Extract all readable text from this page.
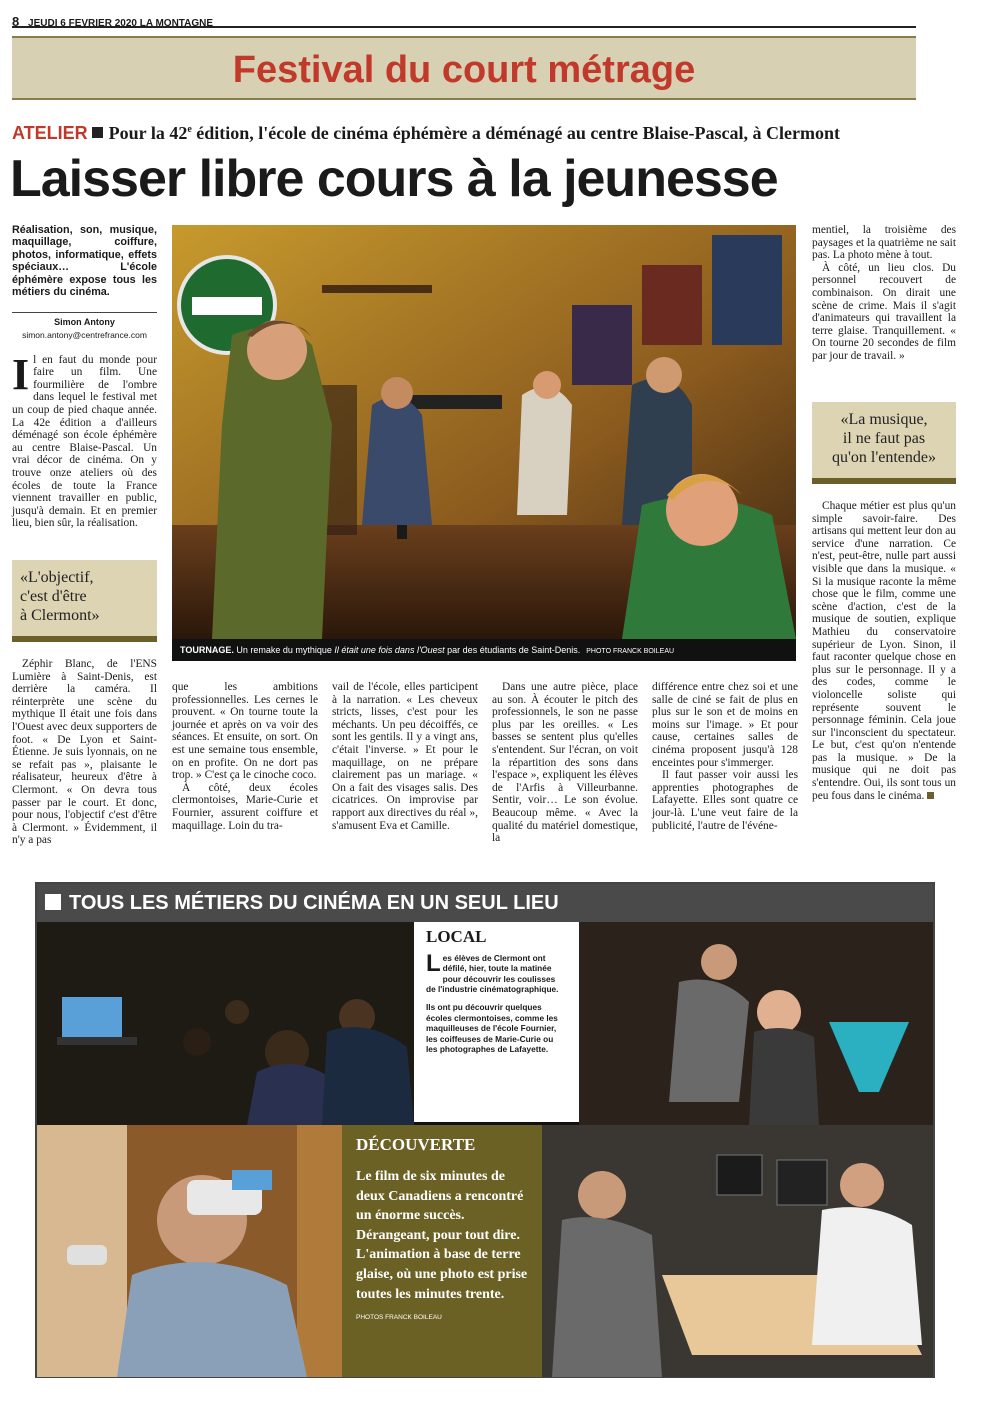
8 JEUDI 6 FEVRIER 2020 LA MONTAGNE
Festival du court métrage
ATELIER Pour la 42e édition, l'école de cinéma éphémère a déménagé au centre Blaise-Pascal, à Clermont
Laisser libre cours à la jeunesse
Réalisation, son, musique, maquillage, coiffure, photos, informatique, effets spéciaux… L'école éphémère expose tous les métiers du cinéma.
Simon Antony
simon.antony@centrefrance.com
Il en faut du monde pour faire un film. Une fourmilière de l'ombre dans lequel le festival met un coup de pied chaque année. La 42e édition a d'ailleurs déménagé son école éphémère au centre Blaise-Pascal. Un vrai décor de cinéma. On y trouve onze ateliers où des écoles de toute la France viennent travailler en public, jusqu'à demain. Et en premier lieu, bien sûr, la réalisation.
«L'objectif,
c'est d'être
à Clermont»
Zéphir Blanc, de l'ENS Lumière à Saint-Denis, est derrière la caméra. Il réinterprète une scène du mythique Il était une fois dans l'Ouest avec deux supporters de foot. « De Lyon et Saint-Étienne. Je suis lyonnais, on ne se refait pas », plaisante le réalisateur, heureux d'être à Clermont. « On devra tous passer par le court. Et donc, pour nous, l'objectif c'est d'être à Clermont. » Évidemment, il n'y a pas
TOURNAGE. Un remake du mythique Il était une fois dans l'Ouest par des étudiants de Saint-Denis. PHOTO FRANCK BOILEAU
que les ambitions professionnelles. Les cernes le prouvent. « On tourne toute la journée et après on va voir des séances. Et ensuite, on sort. On est une semaine tous ensemble, on en profite. On ne dort pas trop. » C'est ça le cinoche coco.
À côté, deux écoles clermontoises, Marie-Curie et Fournier, assurent coiffure et maquillage. Loin du tra-
vail de l'école, elles participent à la narration. « Les cheveux stricts, lisses, c'est pour les méchants. Un peu décoiffés, ce sont les gentils. Il y a vingt ans, c'était l'inverse. » Et pour le maquillage, on ne prépare clairement pas un mariage. « On a fait des visages salis. Des cicatrices. On improvise par rapport aux directives du réal », s'amusent Eva et Camille.
Dans une autre pièce, place au son. À écouter le pitch des professionnels, le son ne passe plus par les oreilles. « Les basses se sentent plus qu'elles s'entendent. Sur l'écran, on voit la répartition des sons dans l'espace », expliquent les élèves de l'Arfis à Villeurbanne. Sentir, voir… Le son évolue. Beaucoup même. « Avec la qualité du matériel domestique, la
différence entre chez soi et une salle de ciné se fait de plus en plus sur le son et de moins en moins sur l'image. » Et pour cause, certaines salles de cinéma proposent jusqu'à 128 enceintes pour s'immerger.
Il faut passer voir aussi les apprenties photographes de Lafayette. Elles sont quatre ce jour-là. L'une veut faire de la publicité, l'autre de l'événe-
mentiel, la troisième des paysages et la quatrième ne sait pas. La photo mène à tout.
À côté, un lieu clos. Du personnel recouvert de combinaison. On dirait une scène de crime. Mais il s'agit d'animateurs qui travaillent la terre glaise. Tranquillement. « On tourne 20 secondes de film par jour de travail. »
«La musique,
il ne faut pas
qu'on l'entende»
Chaque métier est plus qu'un simple savoir-faire. Des artisans qui mettent leur don au service d'une narration. Ce n'est, peut-être, nulle part aussi visible que dans la musique. « Si la musique raconte la même chose que le film, comme une scène d'action, c'est de la musique de soutien, explique Mathieu du conservatoire supérieur de Lyon. Sinon, il faut raconter quelque chose en plus sur le personnage. Il y a des codes, comme le violoncelle soliste qui représente souvent le personnage féminin. Cela joue sur l'inconscient du spectateur. Le but, c'est qu'on n'entende pas la musique. » De la musique qui ne doit pas s'entendre. Oui, ils sont tous un peu fous dans le cinéma.
TOUS LES MÉTIERS DU CINÉMA EN UN SEUL LIEU
LOCAL

Les élèves de Clermont ont défilé, hier, toute la matinée pour découvrir les coulisses de l'industrie cinématographique.

Ils ont pu découvrir quelques écoles clermontoises, comme les maquilleuses de l'école Fournier, les coiffeuses de Marie-Curie ou les photographes de Lafayette.

DÉCOUVERTE
Le film de six minutes de deux Canadiens a rencontré un énorme succès. Dérangeant, pour tout dire. L'animation à base de terre glaise, où une photo est prise toutes les minutes trente.
PHOTOS FRANCK BOILEAU
